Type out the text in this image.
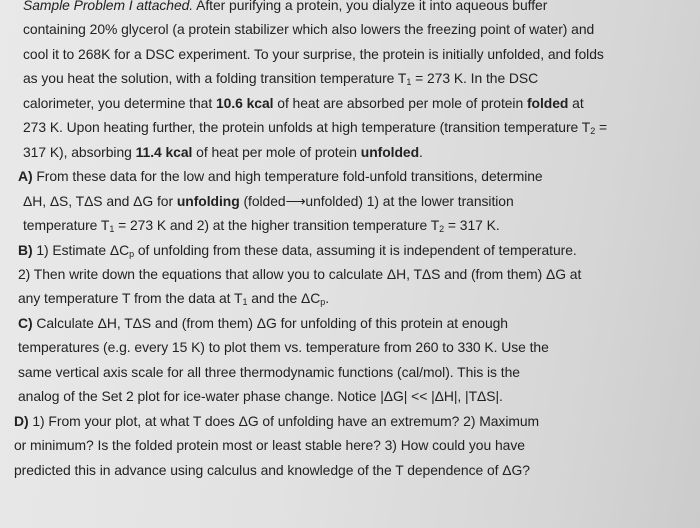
Sample Problem I attached. After purifying a protein, you dialyze it into aqueous buffer
containing 20% glycerol (a protein stabilizer which also lowers the freezing point of water) and
cool it to 268K for a DSC experiment. To your surprise, the protein is initially unfolded, and folds
as you heat the solution, with a folding transition temperature $T_1 = 273$ K. In the DSC
calorimeter, you determine that 10.6 kcal of heat are absorbed per mole of protein folded at
273 K. Upon heating further, the protein unfolds at high temperature (transition temperature $T_2$ =
317 K), absorbing 11.4 kcal of heat per mole of protein unfolded.
A) From these data for the low and high temperature fold-unfold transitions, determine
ΔH, ΔS, TΔS and ΔG for unfolding (folded⟶unfolded) 1) at the lower transition
temperature $T_1 = 273$ K and 2) at the higher transition temperature $T_2 = 317$ K.
B) 1) Estimate $\Delta C_p$ of unfolding from these data, assuming it is independent of temperature.
2) Then write down the equations that allow you to calculate ΔH, TΔS and (from them) ΔG at
any temperature T from the data at $T_1$ and the $\Delta C_p$.
C) Calculate ΔH, TΔS and (from them) ΔG for unfolding of this protein at enough
temperatures (e.g. every 15 K) to plot them vs. temperature from 260 to 330 K. Use the
same vertical axis scale for all three thermodynamic functions (cal/mol). This is the
analog of the Set 2 plot for ice-water phase change. Notice |ΔG| << |ΔH|, |TΔS|.
D) 1) From your plot, at what T does ΔG of unfolding have an extremum? 2) Maximum
or minimum? Is the folded protein most or least stable here? 3) How could you have
predicted this in advance using calculus and knowledge of the T dependence of ΔG?
